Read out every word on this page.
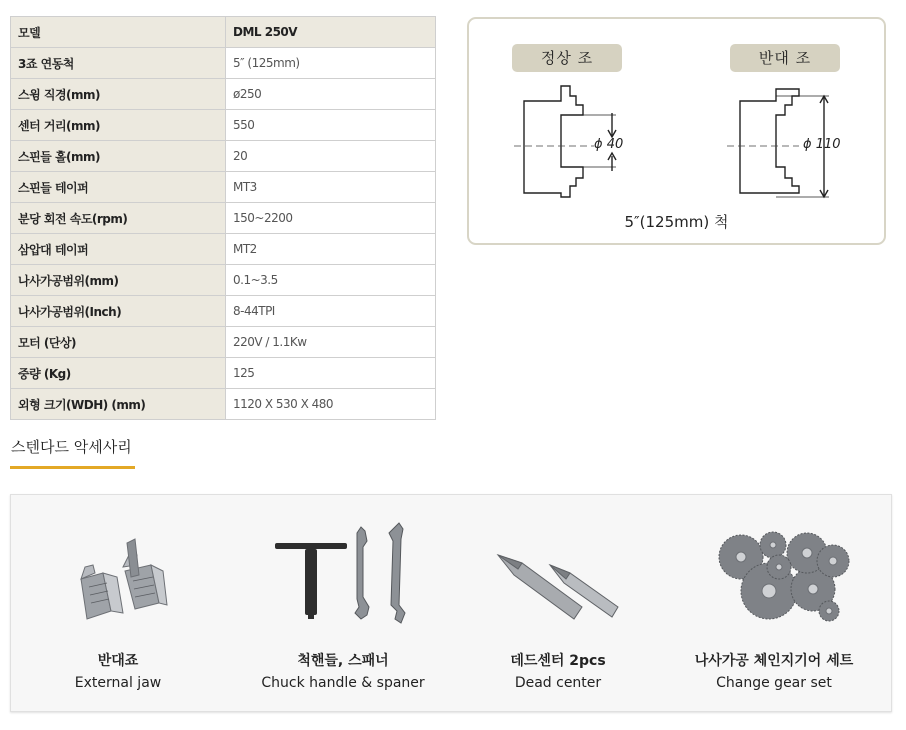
모델	DML 250V
3죠 연동척	5″ (125mm)
스윙 직경(mm)	ø250
센터 거리(mm)	550
스핀들 홀(mm)	20
스핀들 테이퍼	MT3
분당 회전 속도(rpm)	150~2200
삼압대 테이퍼	MT2
나사가공범위(mm)	0.1~3.5
나사가공범위(Inch)	8-44TPI
모터 (단상)	220V / 1.1Kw
중량 (Kg)	125
외형 크기(WDH) (mm)	1120 X 530 X 480
정상 조	반대 조
ϕ 40	ϕ 110
5″(125mm) 척
스텐다드 악세사리
반대죠
External jaw
척핸들, 스패너
Chuck handle & spaner
데드센터 2pcs
Dead center
나사가공 체인지기어 세트
Change gear set
